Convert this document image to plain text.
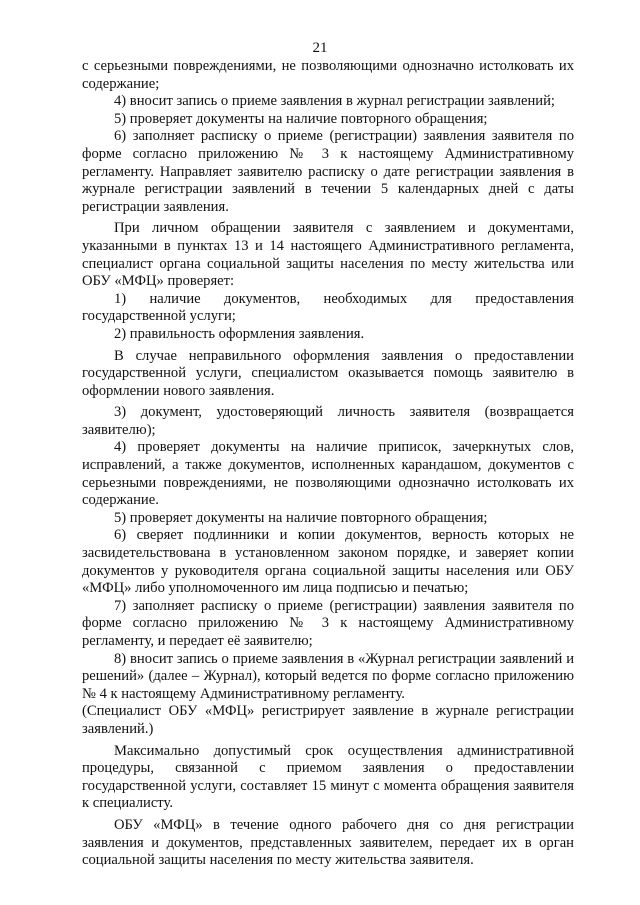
21

с серьезными повреждениями, не позволяющими однозначно истолковать их содержание;

4) вносит запись о приеме заявления в журнал регистрации заявлений;

5) проверяет документы на наличие повторного обращения;

6) заполняет расписку о приеме (регистрации) заявления заявителя по форме согласно приложению № 3 к настоящему Административному регламенту. Направляет заявителю расписку о дате регистрации заявления в журнале регистрации заявлений в течении 5 календарных дней с даты регистрации заявления.

При личном обращении заявителя с заявлением и документами, указанными в пунктах 13 и 14 настоящего Административного регламента, специалист органа социальной защиты населения по месту жительства или ОБУ «МФЦ» проверяет:

1) наличие документов, необходимых для предоставления государственной услуги;

2) правильность оформления заявления.

В случае неправильного оформления заявления о предоставлении государственной услуги, специалистом оказывается помощь заявителю в оформлении нового заявления.

3) документ, удостоверяющий личность заявителя (возвращается заявителю);

4) проверяет документы на наличие приписок, зачеркнутых слов, исправлений, а также документов, исполненных карандашом, документов с серьезными повреждениями, не позволяющими однозначно истолковать их содержание.

5) проверяет документы на наличие повторного обращения;

6) сверяет подлинники и копии документов, верность которых не засвидетельствована в установленном законом порядке, и заверяет копии документов у руководителя органа социальной защиты населения или ОБУ «МФЦ» либо уполномоченного им лица подписью и печатью;

7) заполняет расписку о приеме (регистрации) заявления заявителя по форме согласно приложению № 3 к настоящему Административному регламенту, и передает её заявителю;

8) вносит запись о приеме заявления в «Журнал регистрации заявлений и решений» (далее – Журнал), который ведется по форме согласно приложению № 4 к настоящему Административному регламенту.

(Специалист ОБУ «МФЦ» регистрирует заявление в журнале регистрации заявлений.)

Максимально допустимый срок осуществления административной процедуры, связанной с приемом заявления о предоставлении государственной услуги, составляет 15 минут с момента обращения заявителя к специалисту.

ОБУ «МФЦ» в течение одного рабочего дня со дня регистрации заявления и документов, представленных заявителем, передает их в орган социальной защиты населения по месту жительства заявителя.
